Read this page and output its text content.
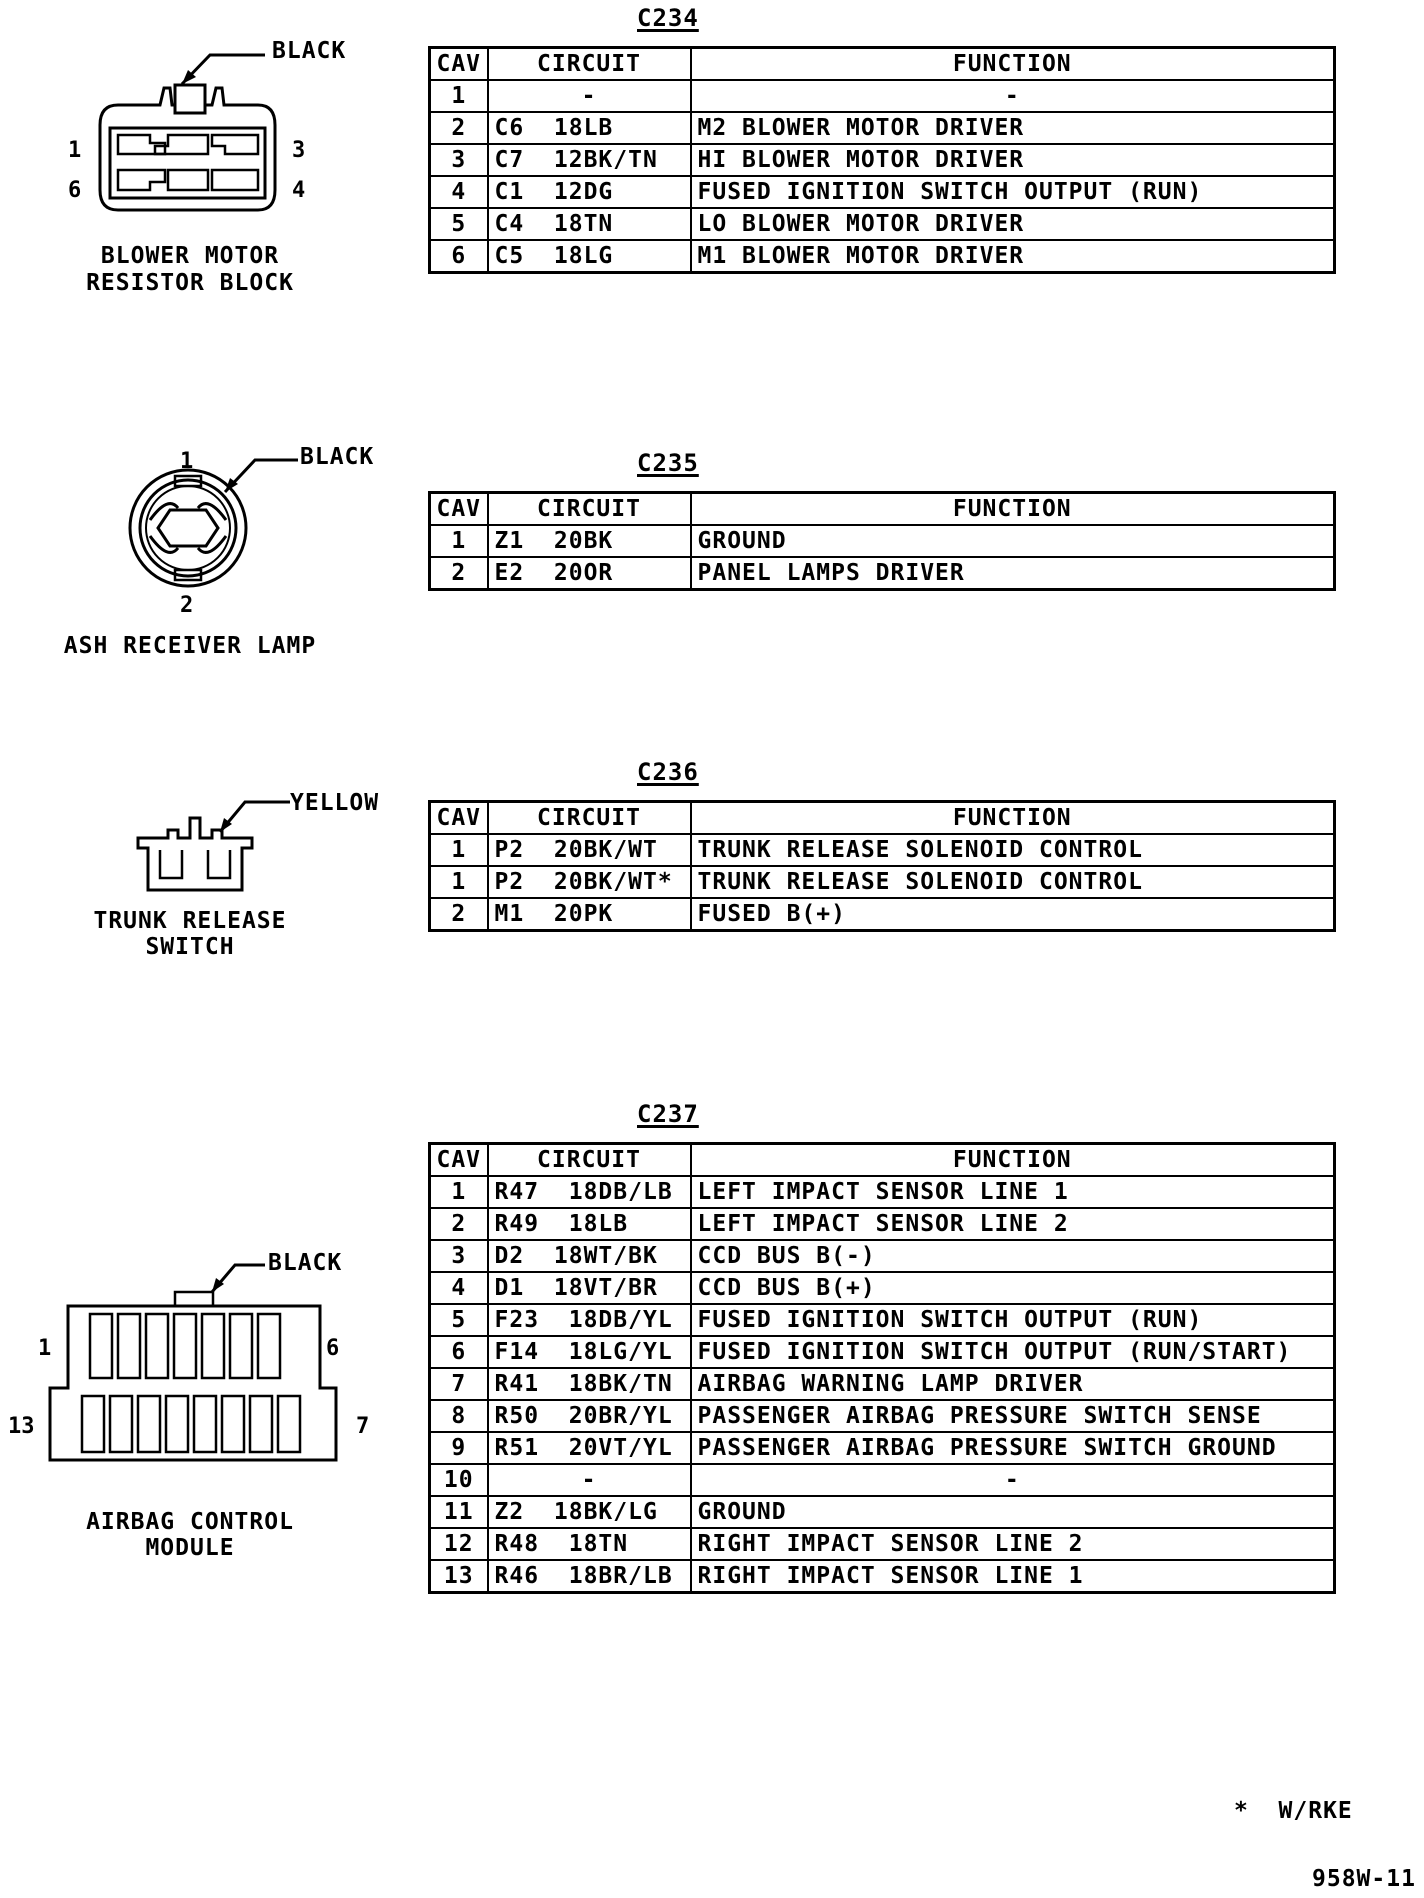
C234
BLACK
1	3
6	4
BLOWER MOTOR
RESISTOR BLOCK
CAV	CIRCUIT	FUNCTION
1	-	-
2	C6  18LB	M2 BLOWER MOTOR DRIVER
3	C7  12BK/TN	HI BLOWER MOTOR DRIVER
4	C1  12DG	FUSED IGNITION SWITCH OUTPUT (RUN)
5	C4  18TN	LO BLOWER MOTOR DRIVER
6	C5  18LG	M1 BLOWER MOTOR DRIVER
C235
BLACK
1
2
ASH RECEIVER LAMP
CAV	CIRCUIT	FUNCTION
1	Z1  20BK	GROUND
2	E2  20OR	PANEL LAMPS DRIVER
C236
YELLOW
TRUNK RELEASE
SWITCH
CAV	CIRCUIT	FUNCTION
1	P2  20BK/WT	TRUNK RELEASE SOLENOID CONTROL
1	P2  20BK/WT*	TRUNK RELEASE SOLENOID CONTROL
2	M1  20PK	FUSED B(+)
C237
BLACK
1	6
13	7
AIRBAG CONTROL MODULE
CAV	CIRCUIT	FUNCTION
1	R47  18DB/LB	LEFT IMPACT SENSOR LINE 1
2	R49  18LB	LEFT IMPACT SENSOR LINE 2
3	D2  18WT/BK	CCD BUS B(-)
4	D1  18VT/BR	CCD BUS B(+)
5	F23  18DB/YL	FUSED IGNITION SWITCH OUTPUT (RUN)
6	F14  18LG/YL	FUSED IGNITION SWITCH OUTPUT (RUN/START)
7	R41  18BK/TN	AIRBAG WARNING LAMP DRIVER
8	R50  20BR/YL	PASSENGER AIRBAG PRESSURE SWITCH SENSE
9	R51  20VT/YL	PASSENGER AIRBAG PRESSURE SWITCH GROUND
10	-	-
11	Z2  18BK/LG	GROUND
12	R48  18TN	RIGHT IMPACT SENSOR LINE 2
13	R46  18BR/LB	RIGHT IMPACT SENSOR LINE 1
*  W/RKE
958W-11
